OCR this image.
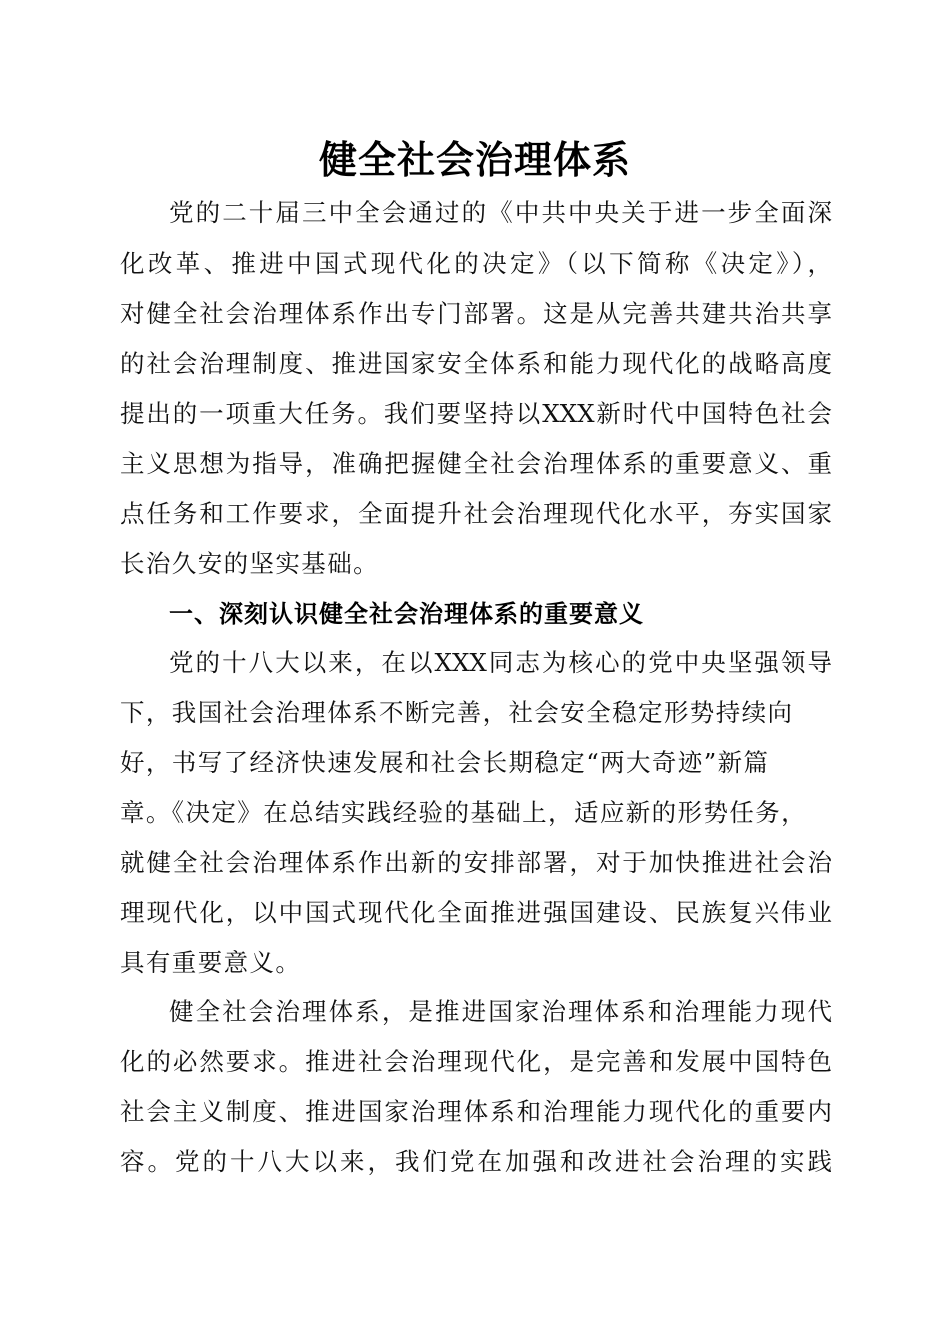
健全社会治理体系
党的二十届三中全会通过的《中共中央关于进一步全面深
化改革、推进中国式现代化的决定》（以下简称《决定》），
对健全社会治理体系作出专门部署。这是从完善共建共治共享
的社会治理制度、推进国家安全体系和能力现代化的战略高度
提出的一项重大任务。我们要坚持以XXX新时代中国特色社会
主义思想为指导，准确把握健全社会治理体系的重要意义、重
点任务和工作要求，全面提升社会治理现代化水平，夯实国家
长治久安的坚实基础。
一、深刻认识健全社会治理体系的重要意义
党的十八大以来，在以XXX同志为核心的党中央坚强领导
下，我国社会治理体系不断完善，社会安全稳定形势持续向
好，书写了经济快速发展和社会长期稳定“两大奇迹”新篇
章。《决定》在总结实践经验的基础上，适应新的形势任务，
就健全社会治理体系作出新的安排部署，对于加快推进社会治
理现代化，以中国式现代化全面推进强国建设、民族复兴伟业
具有重要意义。
健全社会治理体系，是推进国家治理体系和治理能力现代
化的必然要求。推进社会治理现代化，是完善和发展中国特色
社会主义制度、推进国家治理体系和治理能力现代化的重要内
容。党的十八大以来，我们党在加强和改进社会治理的实践
